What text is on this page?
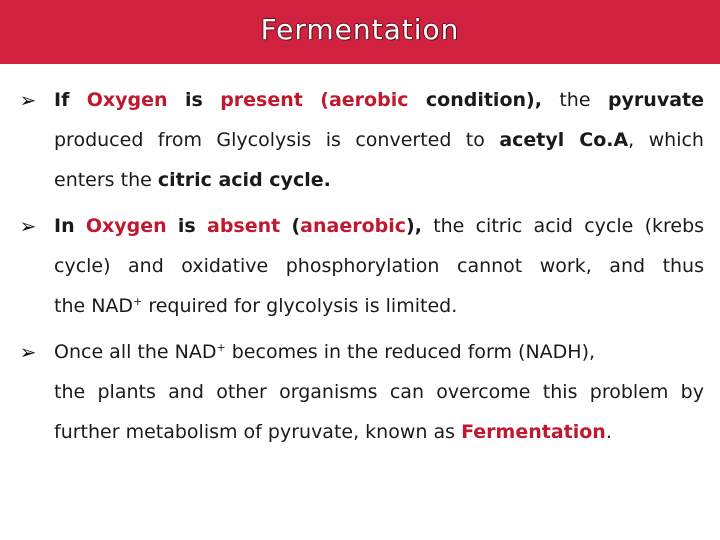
Fermentation
➢ If Oxygen is present (aerobic condition), the pyruvate
produced from Glycolysis is converted to acetyl Co.A, which
enters the citric acid cycle.
➢ In Oxygen is absent (anaerobic), the citric acid cycle (krebs
cycle) and oxidative phosphorylation cannot work, and thus
the NAD+ required for glycolysis is limited.
➢ Once all the NAD+ becomes in the reduced form (NADH),
the plants and other organisms can overcome this problem by
further metabolism of pyruvate, known as Fermentation.
